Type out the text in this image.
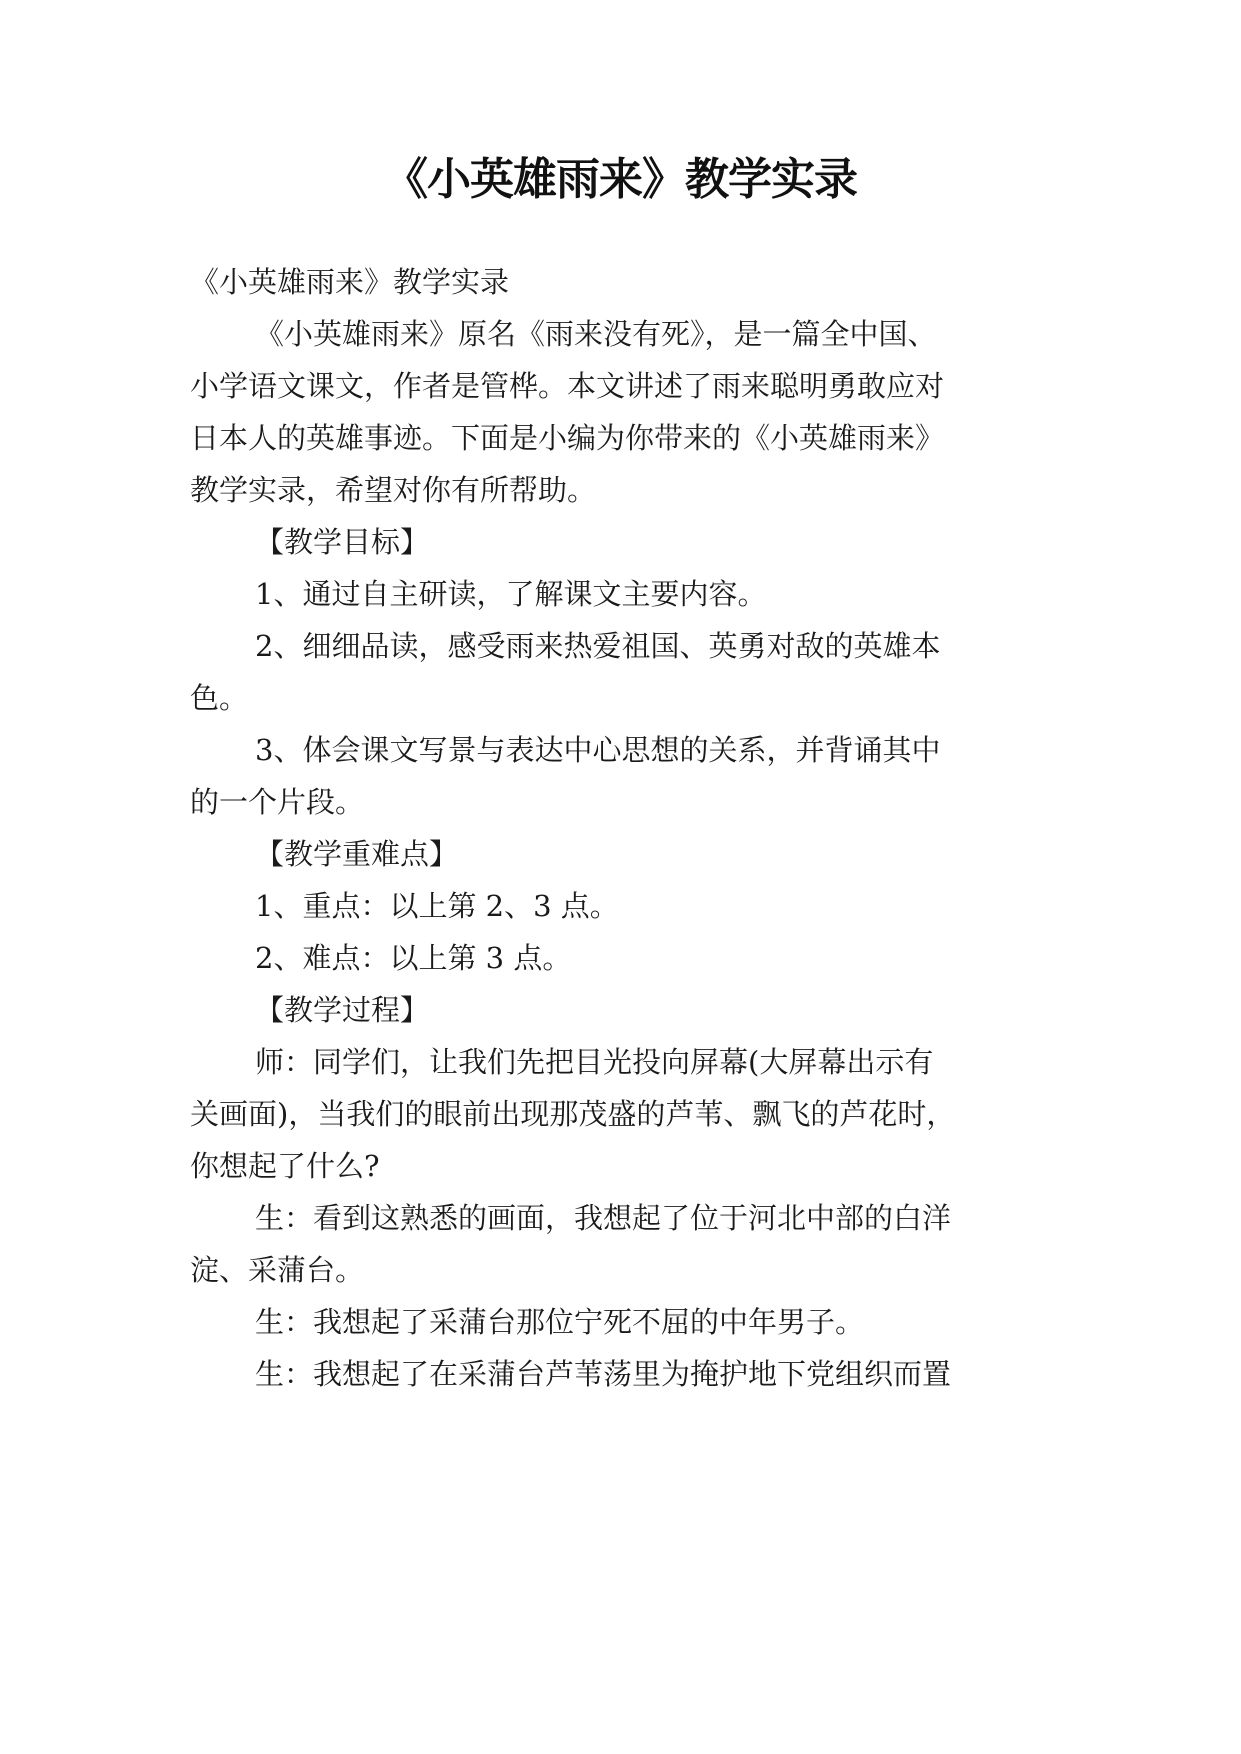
《小英雄雨来》教学实录
《小英雄雨来》教学实录
《小英雄雨来》原名《雨来没有死》，是一篇全中国、
小学语文课文，作者是管桦。本文讲述了雨来聪明勇敢应对
日本人的英雄事迹。下面是小编为你带来的《小英雄雨来》
教学实录，希望对你有所帮助。
【教学目标】
1、通过自主研读，了解课文主要内容。
2、细细品读，感受雨来热爱祖国、英勇对敌的英雄本
色。
3、体会课文写景与表达中心思想的关系，并背诵其中
的一个片段。
【教学重难点】
1、重点：以上第 2、3 点。
2、难点：以上第 3 点。
【教学过程】
师：同学们，让我们先把目光投向屏幕(大屏幕出示有
关画面)，当我们的眼前出现那茂盛的芦苇、飘飞的芦花时，
你想起了什么?
生：看到这熟悉的画面，我想起了位于河北中部的白洋
淀、采蒲台。
生：我想起了采蒲台那位宁死不屈的中年男子。
生：我想起了在采蒲台芦苇荡里为掩护地下党组织而置
